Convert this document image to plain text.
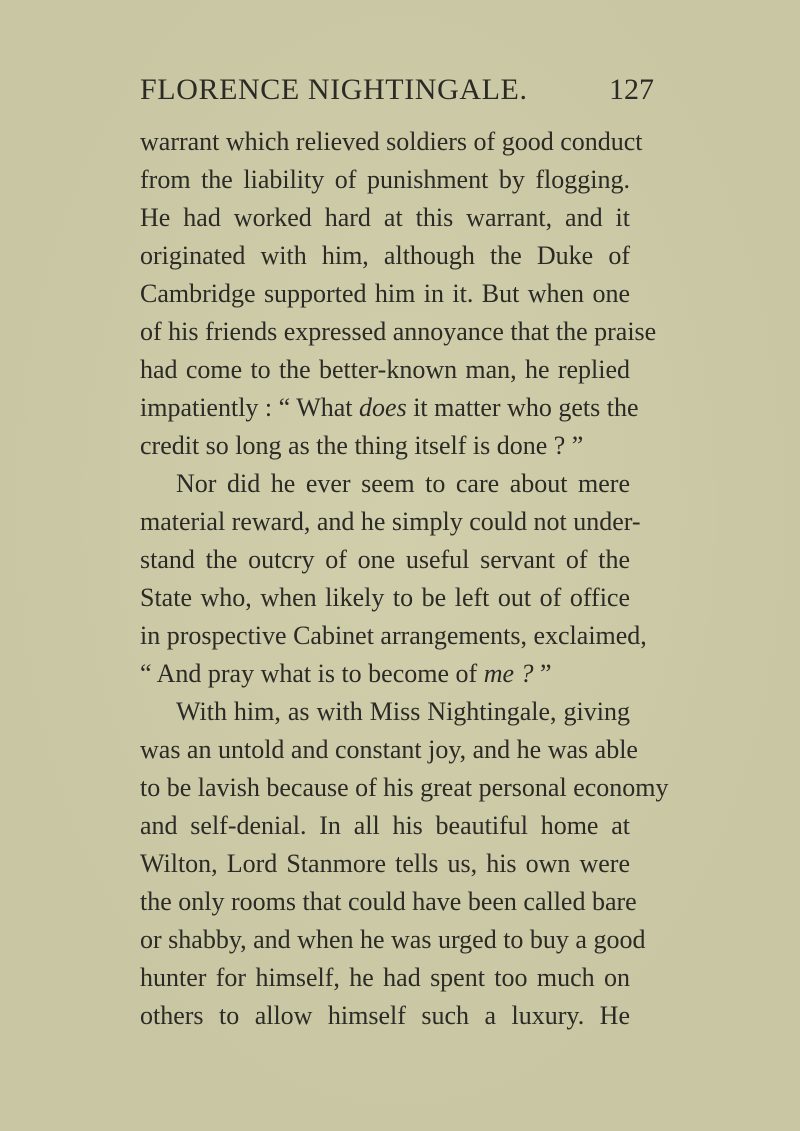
FLORENCE NIGHTINGALE.	127
warrant which relieved soldiers of good conduct
from the liability of punishment by flogging.
He had worked hard at this warrant, and it
originated with him, although the Duke of
Cambridge supported him in it. But when one
of his friends expressed annoyance that the praise
had come to the better-known man, he replied
impatiently : “ What does it matter who gets the
credit so long as the thing itself is done ? ”
Nor did he ever seem to care about mere
material reward, and he simply could not under-
stand the outcry of one useful servant of the
State who, when likely to be left out of office
in prospective Cabinet arrangements, exclaimed,
“ And pray what is to become of me ? ”
With him, as with Miss Nightingale, giving
was an untold and constant joy, and he was able
to be lavish because of his great personal economy
and self-denial. In all his beautiful home at
Wilton, Lord Stanmore tells us, his own were
the only rooms that could have been called bare
or shabby, and when he was urged to buy a good
hunter for himself, he had spent too much on
others to allow himself such a luxury. He
